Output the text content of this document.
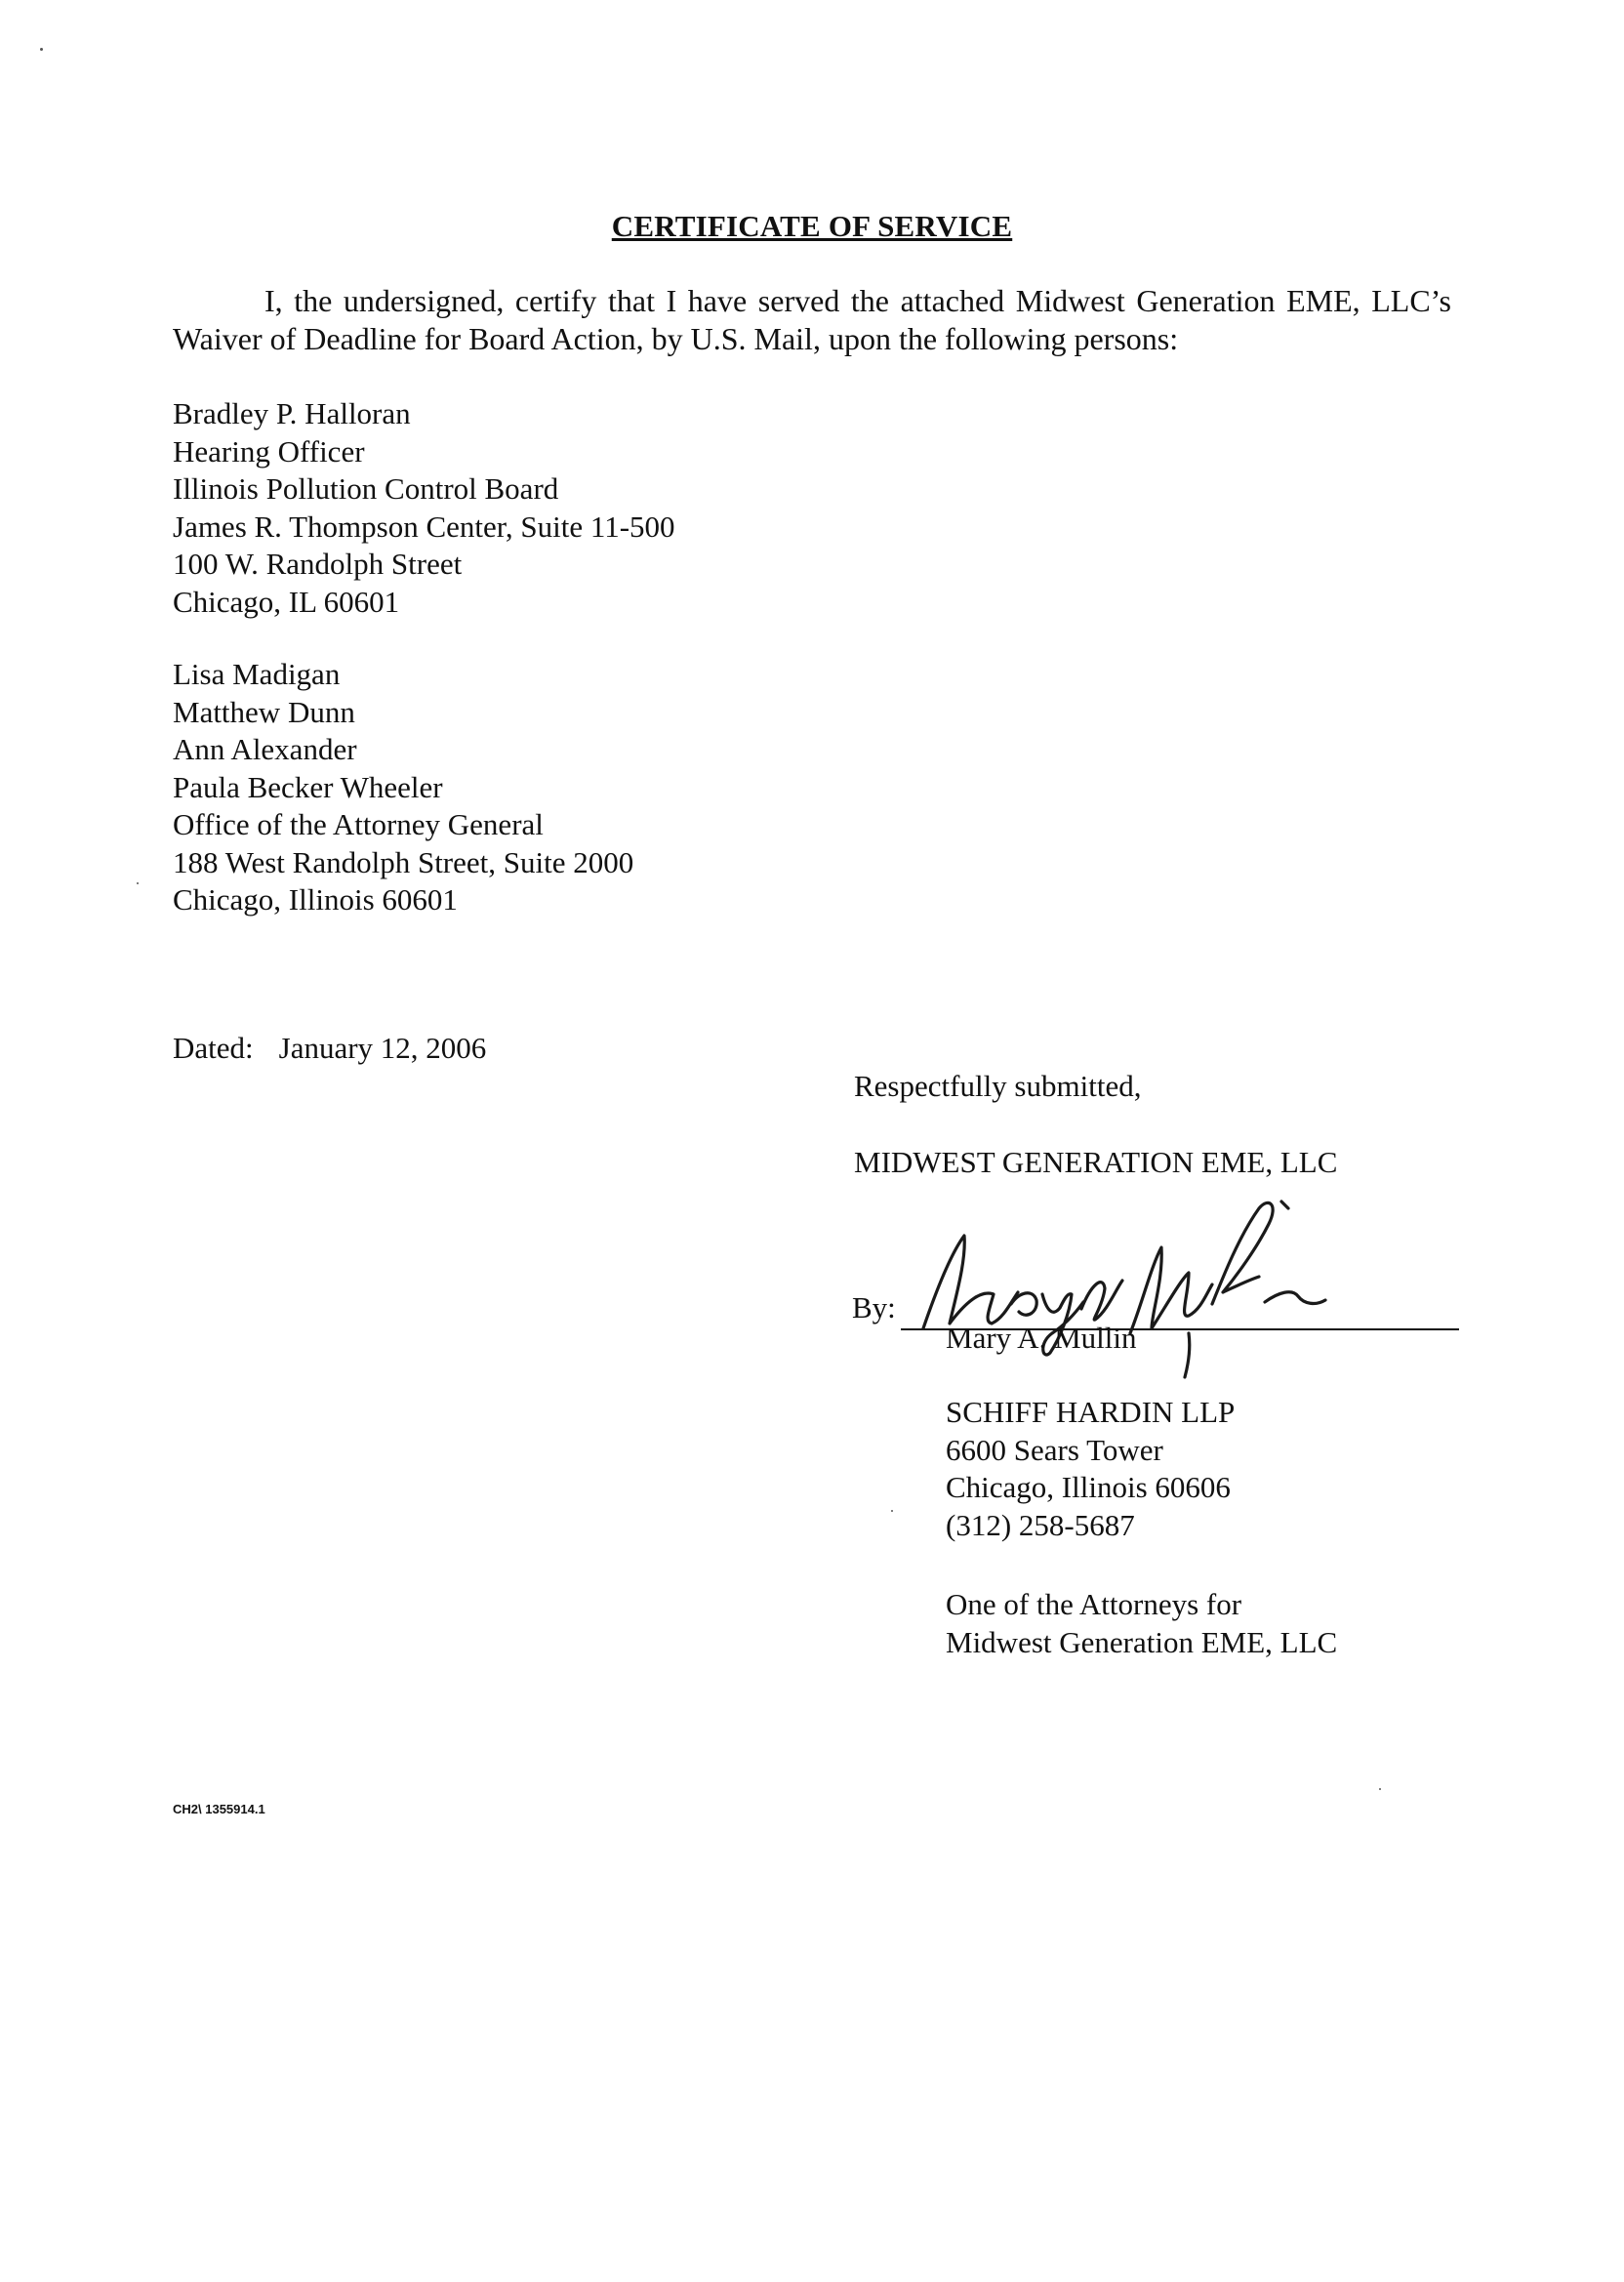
CERTIFICATE OF SERVICE
I, the undersigned, certify that I have served the attached Midwest Generation EME, LLC’s Waiver of Deadline for Board Action, by U.S. Mail, upon the following persons:
Bradley P. Halloran
Hearing Officer
Illinois Pollution Control Board
James R. Thompson Center, Suite 11-500
100 W. Randolph Street
Chicago, IL 60601
Lisa Madigan
Matthew Dunn
Ann Alexander
Paula Becker Wheeler
Office of the Attorney General
188 West Randolph Street, Suite 2000
Chicago, Illinois 60601
Dated: January 12, 2006
Respectfully submitted,
MIDWEST GENERATION EME, LLC
By:
Mary A. Mullin
SCHIFF HARDIN LLP
6600 Sears Tower
Chicago, Illinois 60606
(312) 258-5687
One of the Attorneys for
Midwest Generation EME, LLC
CH2\ 1355914.1
